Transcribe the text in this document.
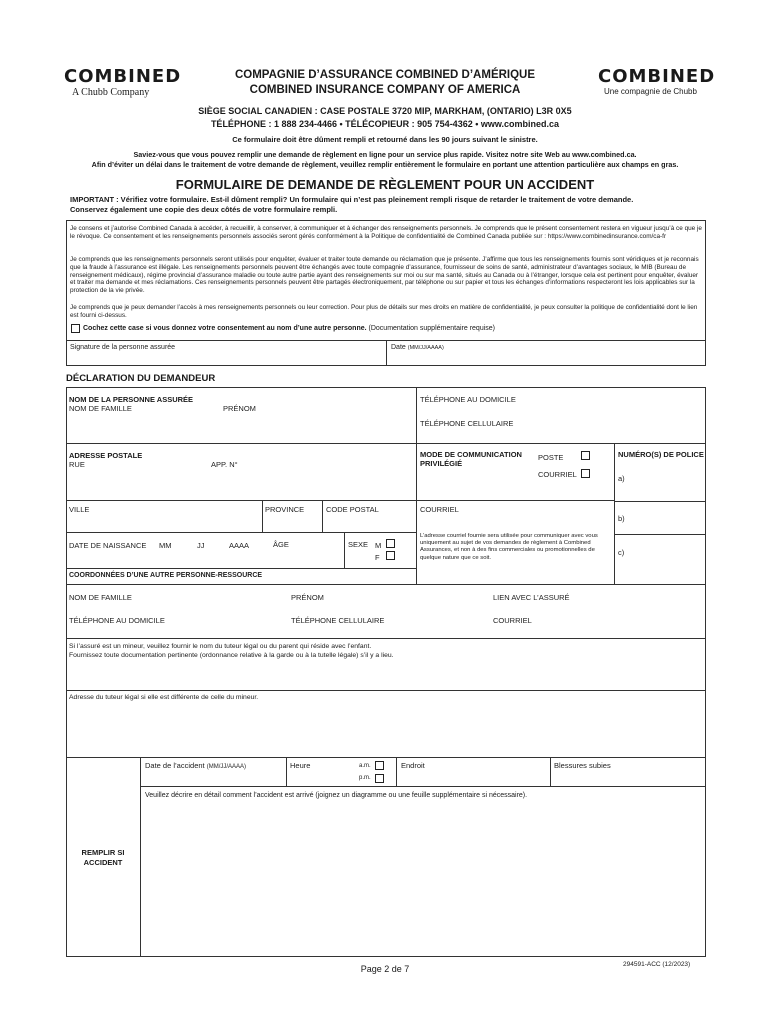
COMBINED
A Chubb Company
COMBINED
Une compagnie de Chubb
COMPAGNIE D’ASSURANCE COMBINED D’AMÉRIQUE
COMBINED INSURANCE COMPANY OF AMERICA
SIÈGE SOCIAL CANADIEN : CASE POSTALE 3720 MIP, MARKHAM, (ONTARIO) L3R 0X5
TÉLÉPHONE : 1 888 234-4466 • TÉLÉCOPIEUR : 905 754-4362 • www.combined.ca
Ce formulaire doit être dûment rempli et retourné dans les 90 jours suivant le sinistre.
Saviez-vous que vous pouvez remplir une demande de règlement en ligne pour un service plus rapide. Visitez notre site Web au www.combined.ca.
Afin d’éviter un délai dans le traitement de votre demande de règlement, veuillez remplir entièrement le formulaire en portant une attention particulière aux champs en gras.
FORMULAIRE DE DEMANDE DE RÈGLEMENT POUR UN ACCIDENT
IMPORTANT : Vérifiez votre formulaire. Est-il dûment rempli? Un formulaire qui n’est pas pleinement rempli risque de retarder le traitement de votre demande.
Conservez également une copie des deux côtés de votre formulaire rempli.
Je consens et j’autorise Combined Canada à accéder, à recueillir, à conserver, à communiquer et à échanger des renseignements personnels. Je comprends que le présent consentement restera en vigueur jusqu’à ce que je le révoque. Ce consentement et les renseignements personnels associés seront gérés conformément à la Politique de confidentialité de Combined Canada publiée sur : https://www.combinedinsurance.com/ca-fr
Je comprends que les renseignements personnels seront utilisés pour enquêter, évaluer et traiter toute demande ou réclamation que je présente. J’affirme que tous les renseignements fournis sont véridiques et je reconnais que la fraude à l’assurance est illégale. Les renseignements personnels peuvent être échangés avec toute compagnie d’assurance, fournisseur de soins de santé, administrateur d’avantages sociaux, le MIB (Bureau de renseignement médicaux), régime provincial d’assurance maladie ou toute autre partie ayant des renseignements sur moi ou sur ma santé, situés au Canada ou à l’étranger, lorsque cela est pertinent pour enquêter, évaluer et traiter ma demande et mes réclamations. Ces renseignements personnels peuvent être partagés électroniquement, par téléphone ou sur papier et tous les échanges d’informations respecteront les lois applicables sur la protection de la vie privée.
Je comprends que je peux demander l’accès à mes renseignements personnels ou leur correction. Pour plus de détails sur mes droits en matière de confidentialité, je peux consulter la politique de confidentialité dont le lien est fourni ci-dessus.
Cochez cette case si vous donnez votre consentement au nom d’une autre personne. (Documentation supplémentaire requise)
Signature de la personne assurée	Date (MM/JJ/AAAA)
DÉCLARATION DU DEMANDEUR
NOM DE LA PERSONNE ASSURÉE
NOM DE FAMILLE	PRÉNOM
TÉLÉPHONE AU DOMICILE
TÉLÉPHONE CELLULAIRE
ADRESSE POSTALE
RUE	APP. N°
MODE DE COMMUNICATION PRIVILÉGIÉ
POSTE
COURRIEL
NUMÉRO(S) DE POLICE
a)
b)
c)
VILLE	PROVINCE	CODE POSTAL	COURRIEL
L’adresse courriel fournie sera utilisée pour communiquer avec vous uniquement au sujet de vos demandes de règlement à Combined Assurances, et non à des fins commerciales ou promotionnelles de quelque nature que ce soit.
DATE DE NAISSANCE MM	JJ	AAAA	ÂGE	SEXE M
F
COORDONNÉES D’UNE AUTRE PERSONNE-RESSOURCE
NOM DE FAMILLE	PRÉNOM	LIEN AVEC L’ASSURÉ
TÉLÉPHONE AU DOMICILE	TÉLÉPHONE CELLULAIRE	COURRIEL
Si l’assuré est un mineur, veuillez fournir le nom du tuteur légal ou du parent qui réside avec l’enfant.
Fournissez toute documentation pertinente (ordonnance relative à la garde ou à la tutelle légale) s’il y a lieu.
Adresse du tuteur légal si elle est différente de celle du mineur.
REMPLIR SI
ACCIDENT
Date de l’accident (MM/JJ/AAAA)	Heure	a.m.
p.m.
Endroit	Blessures subies
Veuillez décrire en détail comment l’accident est arrivé (joignez un diagramme ou une feuille supplémentaire si nécessaire).
Page 2 de 7	294591-ACC (12/2023)
